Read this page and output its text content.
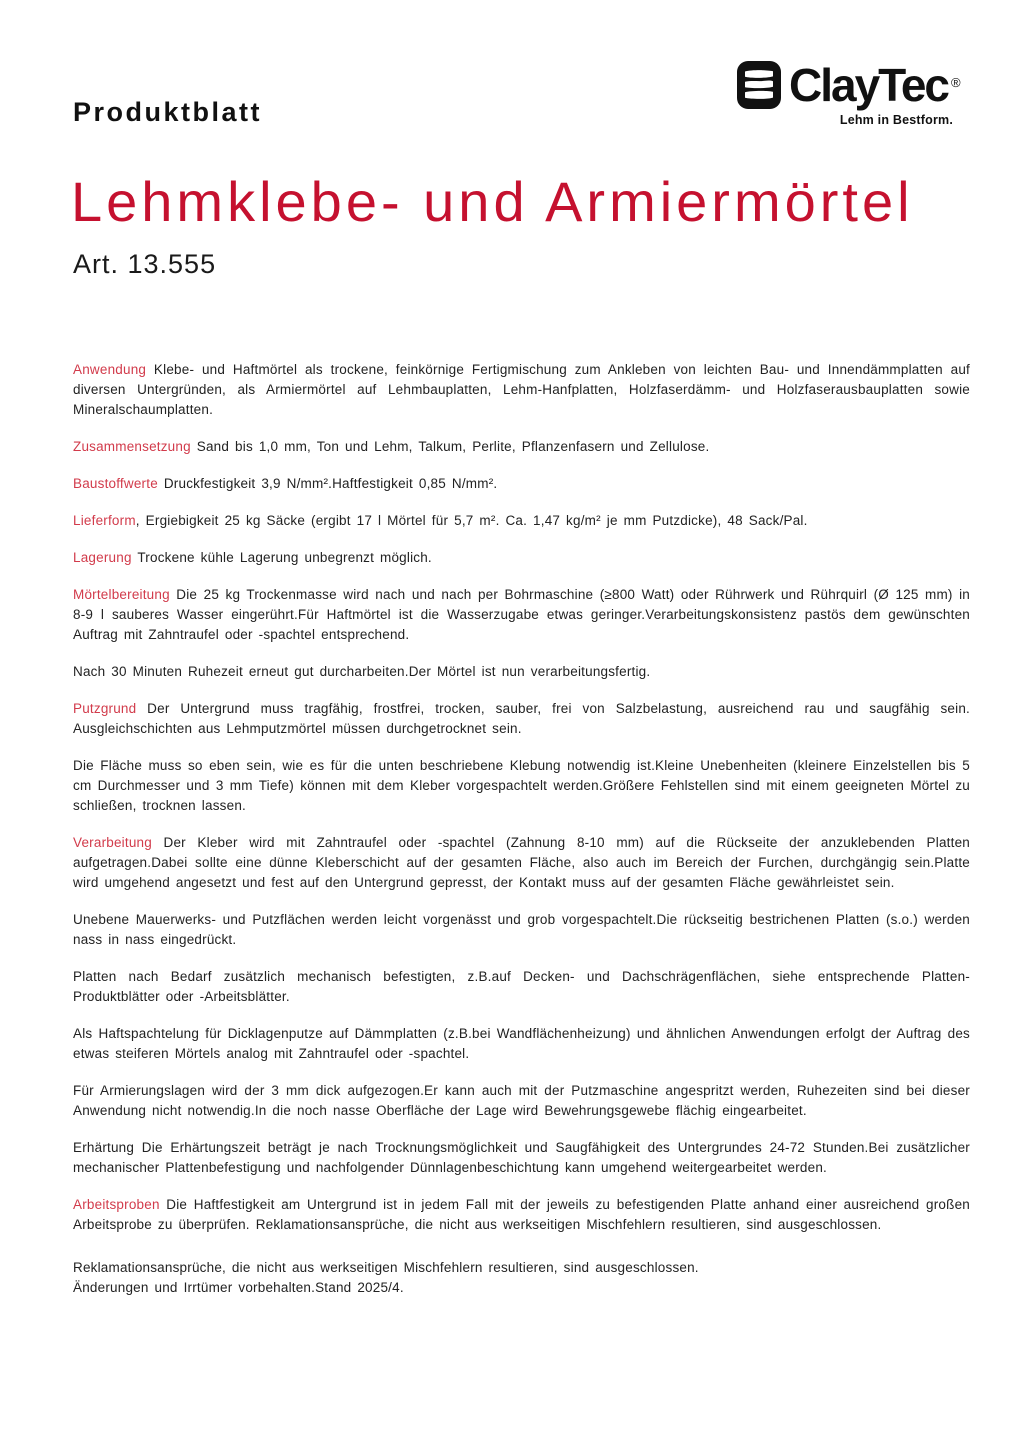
Produktblatt
ClayTec ®
Lehm in Bestform.
Lehmklebe- und Armiermörtel
Art. 13.555

Anwendung Klebe- und Haftmörtel als trockene, feinkörnige Fertigmischung zum Ankleben von leichten Bau- und Innendämmplatten auf diversen Untergründen, als Armiermörtel auf Lehmbauplatten, Lehm-Hanfplatten, Holzfaserdämm- und Holzfaserausbauplatten sowie Mineralschaumplatten.

Zusammensetzung Sand bis 1,0 mm, Ton und Lehm, Talkum, Perlite, Pflanzenfasern und Zellulose.

Baustoffwerte Druckfestigkeit 3,9 N/mm².Haftfestigkeit 0,85 N/mm².

Lieferform, Ergiebigkeit 25 kg Säcke (ergibt 17 l Mörtel für 5,7 m². Ca. 1,47 kg/m² je mm Putzdicke), 48 Sack/Pal.

Lagerung Trockene kühle Lagerung unbegrenzt möglich.

Mörtelbereitung Die 25 kg Trockenmasse wird nach und nach per Bohrmaschine (≥800 Watt) oder Rührwerk und Rührquirl (Ø 125 mm) in 8-9 l sauberes Wasser eingerührt.Für Haftmörtel ist die Wasserzugabe etwas geringer.Verarbeitungskonsistenz pastös dem gewünschten Auftrag mit Zahntraufel oder -spachtel entsprechend.

Nach 30 Minuten Ruhezeit erneut gut durcharbeiten.Der Mörtel ist nun verarbeitungsfertig.

Putzgrund Der Untergrund muss tragfähig, frostfrei, trocken, sauber, frei von Salzbelastung, ausreichend rau und saugfähig sein. Ausgleichschichten aus Lehmputzmörtel müssen durchgetrocknet sein.

Die Fläche muss so eben sein, wie es für die unten beschriebene Klebung notwendig ist.Kleine Unebenheiten (kleinere Einzelstellen bis 5 cm Durchmesser und 3 mm Tiefe) können mit dem Kleber vorgespachtelt werden.Größere Fehlstellen sind mit einem geeigneten Mörtel zu schließen, trocknen lassen.

Verarbeitung Der Kleber wird mit Zahntraufel oder -spachtel (Zahnung 8-10 mm) auf die Rückseite der anzuklebenden Platten aufgetragen.Dabei sollte eine dünne Kleberschicht auf der gesamten Fläche, also auch im Bereich der Furchen, durchgängig sein.Platte wird umgehend angesetzt und fest auf den Untergrund gepresst, der Kontakt muss auf der gesamten Fläche gewährleistet sein.

Unebene Mauerwerks- und Putzflächen werden leicht vorgenässt und grob vorgespachtelt.Die rückseitig bestrichenen Platten (s.o.) werden nass in nass eingedrückt.

Platten nach Bedarf zusätzlich mechanisch befestigten, z.B.auf Decken- und Dachschrägenflächen, siehe entsprechende Platten-Produktblätter oder -Arbeitsblätter.

Als Haftspachtelung für Dicklagenputze auf Dämmplatten (z.B.bei Wandflächenheizung) und ähnlichen Anwendungen erfolgt der Auftrag des etwas steiferen Mörtels analog mit Zahntraufel oder -spachtel.

Für Armierungslagen wird der 3 mm dick aufgezogen.Er kann auch mit der Putzmaschine angespritzt werden, Ruhezeiten sind bei dieser Anwendung nicht notwendig.In die noch nasse Oberfläche der Lage wird Bewehrungsgewebe flächig eingearbeitet.

Erhärtung Die Erhärtungszeit beträgt je nach Trocknungsmöglichkeit und Saugfähigkeit des Untergrundes 24-72 Stunden.Bei zusätzlicher mechanischer Plattenbefestigung und nachfolgender Dünnlagenbeschichtung kann umgehend weitergearbeitet werden.

Arbeitsproben Die Haftfestigkeit am Untergrund ist in jedem Fall mit der jeweils zu befestigenden Platte anhand einer ausreichend großen Arbeitsprobe zu überprüfen. Reklamationsansprüche, die nicht aus werkseitigen Mischfehlern resultieren, sind ausgeschlossen.

Reklamationsansprüche, die nicht aus werkseitigen Mischfehlern resultieren, sind ausgeschlossen.

Änderungen und Irrtümer vorbehalten.Stand 2025/4.
